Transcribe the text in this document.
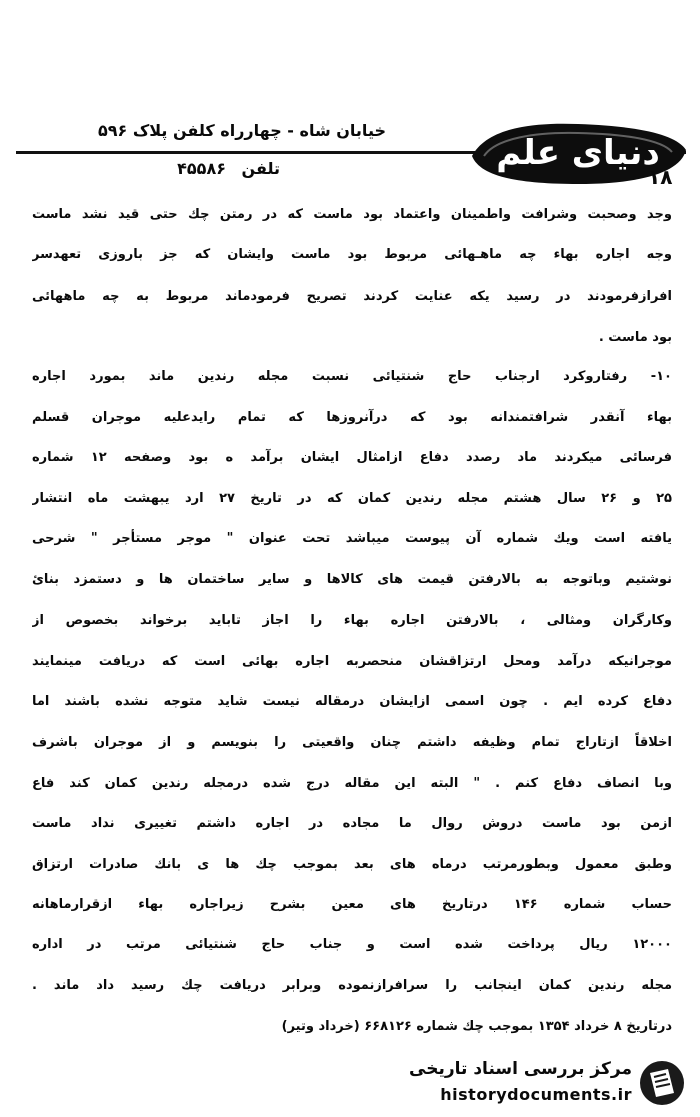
خیابان شاه - چهارراه کلفن پلاک ۵۹۶
تلفن ۴۵۵۸۶	دنیای علم
۱۸
وجد وصحبت وشرافت واطمینان واعتماد بود ماست که در رمتن چك حتی قید نشد ماست
وجه اجاره بهاء چه ماهـهائی مربوط بود ماست وایشان که جز باروزی تعهدسر
افرازفرمودند در رسید یکه عنایت کردند تصریح فرمودماند مربوط به چه ماههائی
بود ماست .
۱۰- رفتاروکرد ارجناب حاج شنتیائی نسبت مجله رندین ماند بمورد اجاره
بهاء آنقدر شرافتمندانه بود که درآنروزها که تمام رایدعلیه موجران قسلم
فرسائی میکردند ماد رصدد دفاع ازامثال ایشان برآمد ه بود وصفحه ۱۲ شماره
۲۵ و ۲۶ سال هشتم مجله رندین کمان که در تاریخ ۲۷ ارد یبهشت ماه انتشار
یافته است ویك شماره آن پیوست میباشد تحت عنوان " موجر مستأجر " شرحی
نوشتیم وباتوجه به بالارفتن قیمت های کالاها و سایر ساختمان ها و دستمزد بنائ
وکارگران ومثالی ، بالارفتن اجاره بهاء را اجاز تاباید برخواند بخصوص از
موجرانیکه درآمد ومحل ارتزاقشان منحصربه اجاره بهائی است که دریافت مینمایند
دفاع کرده ایم . چون اسمی ازایشان درمقاله نیست شاید متوجه نشده باشند اما
اخلاقاً ازتاراج تمام وظیفه داشتم چنان واقعیتی را بنویسم و از موجران باشرف
وبا انصاف دفاع کنم . " البته این مقاله درج شده درمجله رندین کمان کند فاع
ازمن بود ماست دروش روال ما مجاده در اجاره داشتم تغییری نداد ماست
وطبق معمول وبطورمرتب درماه های بعد بموجب چك ها ی بانك صادرات ارتزاق
حساب شماره ۱۴۶ درتاریخ های معین بشرح زیراجاره بهاء ازقرارماهانه
۱۲۰۰۰ ریال پرداخت شده است و جناب حاج شنتیائی مرتب در اداره
مجله رندین کمان اینجانب را سرافرازنموده وبرابر دریافت چك رسید داد ماند .
درتاریخ ۸ خرداد ۱۳۵۴ بموجب چك شماره ۶۶۸۱۲۶ (خرداد وتیر)
مرکز بررسی اسناد تاریخی
historydocuments.ir
